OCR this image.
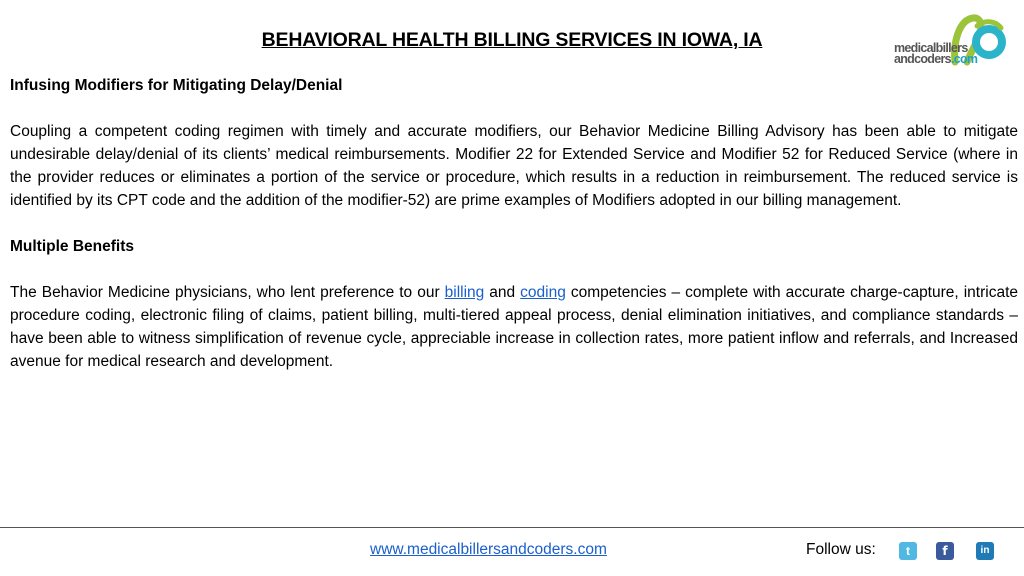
BEHAVIORAL HEALTH BILLING SERVICES IN IOWA, IA	medicalbillers
andcoders.com
Infusing Modifiers for Mitigating Delay/Denial

Coupling a competent coding regimen with timely and accurate modifiers, our Behavior Medicine Billing Advisory has been able to mitigate undesirable delay/denial of its clients’ medical reimbursements. Modifier 22 for Extended Service and Modifier 52 for Reduced Service (where in the provider reduces or eliminates a portion of the service or procedure, which results in a reduction in reimbursement. The reduced service is identified by its CPT code and the addition of the modifier-52) are prime examples of Modifiers adopted in our billing management.

Multiple Benefits

The Behavior Medicine physicians, who lent preference to our billing and coding competencies – complete with accurate charge-capture, intricate procedure coding, electronic filing of claims, patient billing, multi-tiered appeal process, denial elimination initiatives, and compliance standards – have been able to witness simplification of revenue cycle, appreciable increase in collection rates, more patient inflow and referrals, and Increased avenue for medical research and development.

www.medicalbillersandcoders.com	Follow us:	t	f	in
